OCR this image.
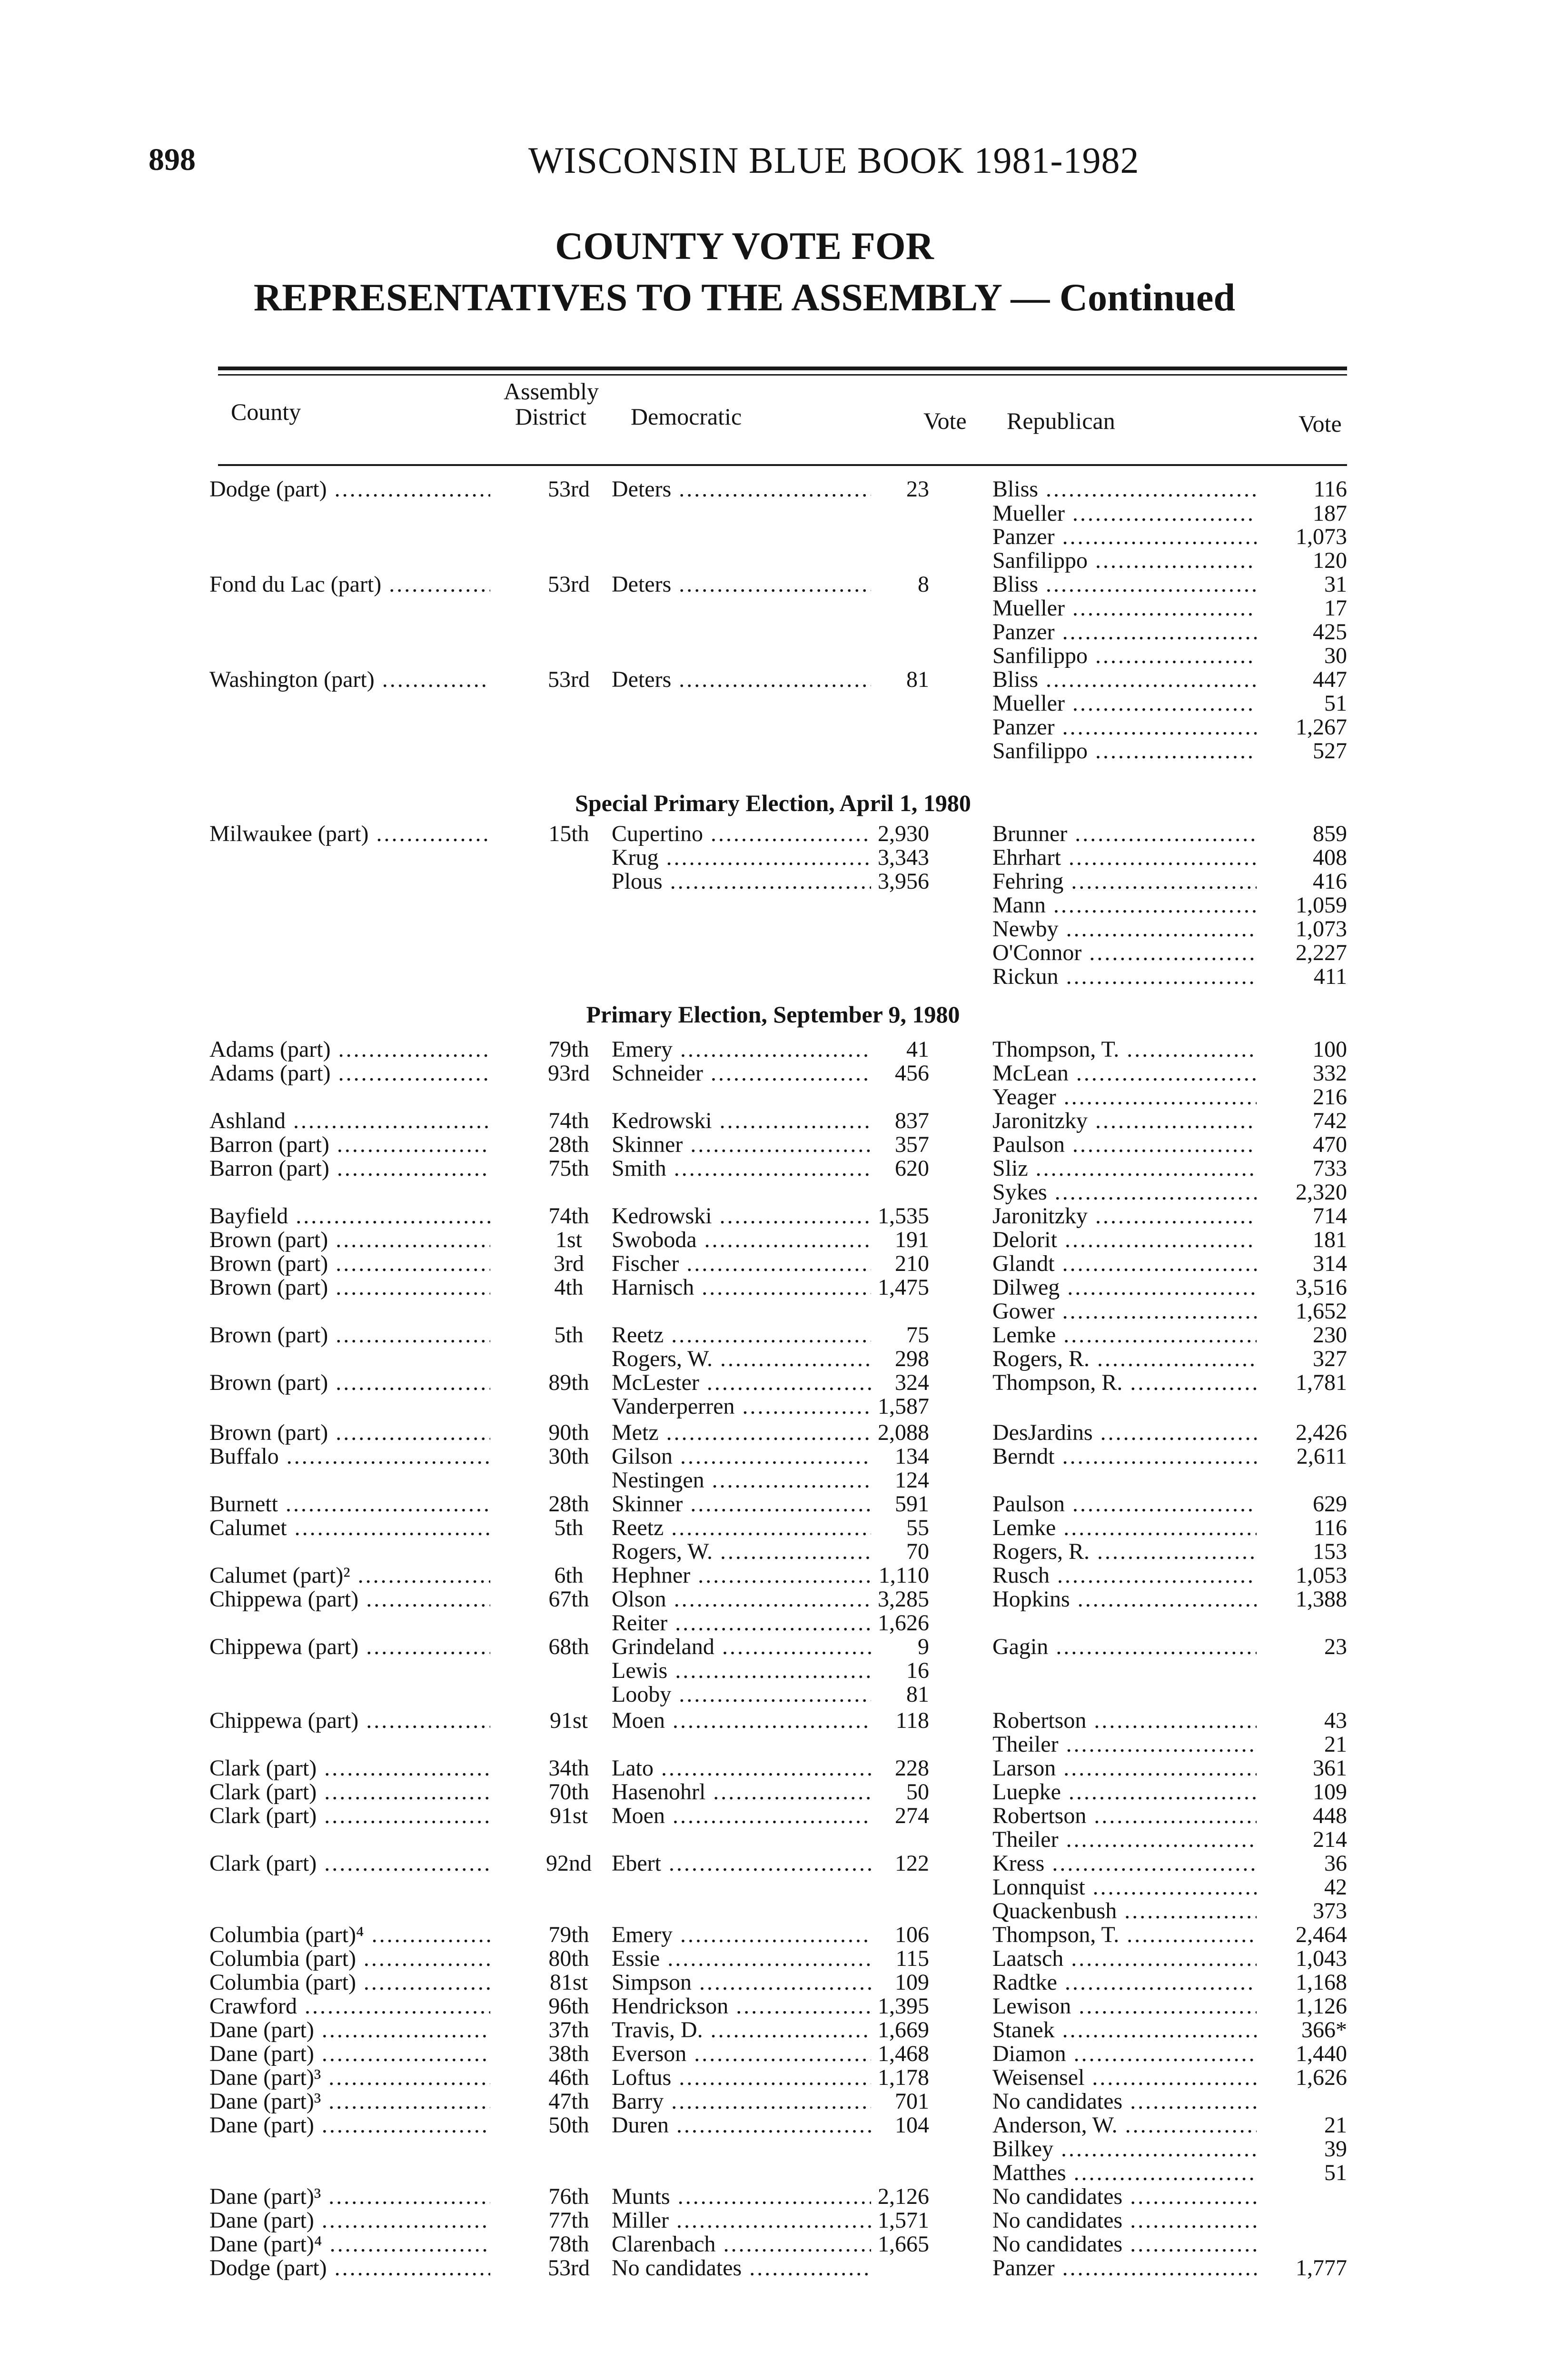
898	WISCONSIN BLUE BOOK 1981-1982
COUNTY VOTE FOR
REPRESENTATIVES TO THE ASSEMBLY — Continued
County
Assembly
District Democratic	Vote Republican	Vote
Special Primary Election, April 1, 1980
Primary Election, September 9, 1980
Dodge (part) .....	53rd Deters .....	23	Bliss .....	116
Mueller .....	187
Panzer .....	1,073
Sanfilippo .....	120
Fond du Lac (part) .....	53rd Deters .....	8	Bliss .....	31
Mueller .....	17
Panzer .....	425
Sanfilippo .....	30
Washington (part) .....	53rd Deters .....	81	Bliss .....	447
Mueller .....	51
Panzer .....	1,267
Sanfilippo .....	527
Milwaukee (part) .....	15th Cupertino .....	2,930	Brunner .....	859
Krug .....	3,343	Ehrhart .....	408
Plous .....	3,956	Fehring .....	416
Mann .....	1,059
Newby .....	1,073
O'Connor .....	2,227
Rickun .....	411
Adams (part) .....	79th Emery .....	41	Thompson, T. .....	100
Adams (part) .....	93rd Schneider .....	456	McLean .....	332
Yeager .....	216
Ashland .....	74th Kedrowski .....	837	Jaronitzky .....	742
Barron (part) .....	28th Skinner .....	357	Paulson .....	470
Barron (part) .....	75th Smith .....	620	Sliz .....	733
Sykes .....	2,320
Bayfield .....	74th Kedrowski .....	1,535	Jaronitzky .....	714
Brown (part) .....	1st	Swoboda .....	191	Delorit .....	181
Brown (part) .....	3rd	Fischer .....	210	Glandt .....	314
Brown (part) .....	4th	Harnisch .....	1,475	Dilweg .....	3,516
Gower .....	1,652
Brown (part) .....	5th	Reetz .....	75	Lemke .....	230
Rogers, W. .....	298	Rogers, R. .....	327
Brown (part) .....	89th McLester .....	324	Thompson, R. .....	1,781
Vanderperren .....	1,587
Brown (part) .....	90th Metz .....	2,088	DesJardins .....	2,426
Buffalo .....	30th Gilson .....	134	Berndt .....	2,611
Nestingen .....	124
Burnett .....	28th Skinner .....	591	Paulson .....	629
Calumet .....	5th	Reetz .....	55	Lemke .....	116
Rogers, W. .....	70	Rogers, R. .....	153
Calumet (part)² .....	6th	Hephner .....	1,110	Rusch .....	1,053
Chippewa (part) .....	67th Olson .....	3,285	Hopkins .....	1,388
Reiter .....	1,626
Chippewa (part) .....	68th Grindeland .....	9	Gagin .....	23
Lewis .....	16
Looby .....	81
Chippewa (part) .....	91st	Moen .....	118	Robertson .....	43
Theiler .....	21
Clark (part) .....	34th Lato .....	228	Larson .....	361
Clark (part) .....	70th Hasenohrl .....	50	Luepke .....	109
Clark (part) .....	91st	Moen .....	274	Robertson .....	448
Theiler .....	214
Clark (part) .....	92nd Ebert .....	122	Kress .....	36
Lonnquist .....	42
Quackenbush .....	373
Columbia (part)⁴ .....	79th Emery .....	106	Thompson, T. .....	2,464
Columbia (part) .....	80th Essie .....	115	Laatsch .....	1,043
Columbia (part) .....	81st	Simpson .....	109	Radtke .....	1,168
Crawford .....	96th Hendrickson .....	1,395	Lewison .....	1,126
Dane (part) .....	37th Travis, D. .....	1,669	Stanek .....	366*
Dane (part) .....	38th Everson .....	1,468	Diamon .....	1,440
Dane (part)³ .....	46th Loftus .....	1,178	Weisensel .....	1,626
Dane (part)³ .....	47th Barry .....	701	No candidates .....
Dane (part) .....	50th Duren .....	104	Anderson, W. .....	21
Bilkey .....	39
Matthes .....	51
Dane (part)³ .....	76th Munts .....	2,126	No candidates .....
Dane (part) .....	77th Miller .....	1,571	No candidates .....
Dane (part)⁴ .....	78th Clarenbach .....	1,665	No candidates .....
Dodge (part) .....	53rd No candidates .....	Panzer .....	1,777
